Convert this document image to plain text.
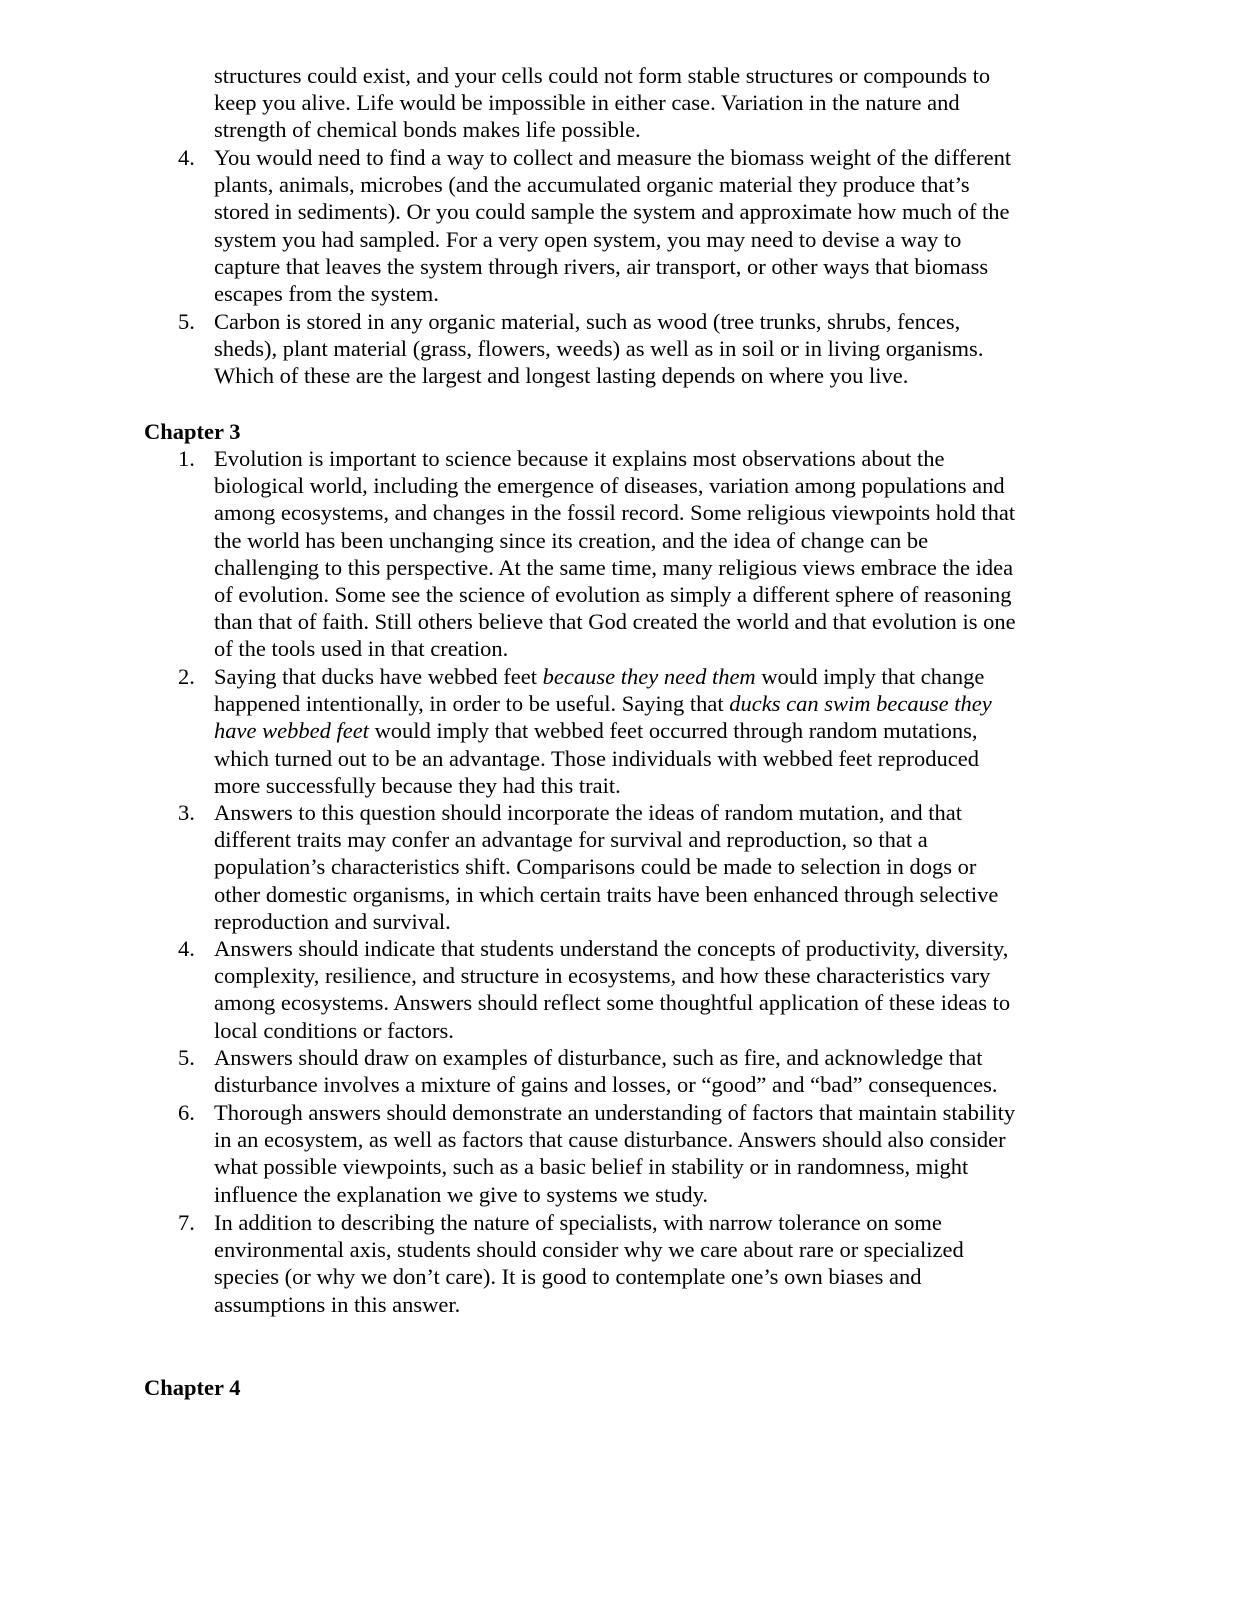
structures could exist, and your cells could not form stable structures or compounds to
keep you alive. Life would be impossible in either case. Variation in the nature and
strength of chemical bonds makes life possible.
4. You would need to find a way to collect and measure the biomass weight of the different
plants, animals, microbes (and the accumulated organic material they produce that’s
stored in sediments). Or you could sample the system and approximate how much of the
system you had sampled. For a very open system, you may need to devise a way to
capture that leaves the system through rivers, air transport, or other ways that biomass
escapes from the system.
5. Carbon is stored in any organic material, such as wood (tree trunks, shrubs, fences,
sheds), plant material (grass, flowers, weeds) as well as in soil or in living organisms.
Which of these are the largest and longest lasting depends on where you live.
Chapter 3
1. Evolution is important to science because it explains most observations about the
biological world, including the emergence of diseases, variation among populations and
among ecosystems, and changes in the fossil record. Some religious viewpoints hold that
the world has been unchanging since its creation, and the idea of change can be
challenging to this perspective. At the same time, many religious views embrace the idea
of evolution. Some see the science of evolution as simply a different sphere of reasoning
than that of faith. Still others believe that God created the world and that evolution is one
of the tools used in that creation.
2. Saying that ducks have webbed feet because they need them would imply that change
happened intentionally, in order to be useful. Saying that ducks can swim because they
have webbed feet would imply that webbed feet occurred through random mutations,
which turned out to be an advantage. Those individuals with webbed feet reproduced
more successfully because they had this trait.
3. Answers to this question should incorporate the ideas of random mutation, and that
different traits may confer an advantage for survival and reproduction, so that a
population’s characteristics shift. Comparisons could be made to selection in dogs or
other domestic organisms, in which certain traits have been enhanced through selective
reproduction and survival.
4. Answers should indicate that students understand the concepts of productivity, diversity,
complexity, resilience, and structure in ecosystems, and how these characteristics vary
among ecosystems. Answers should reflect some thoughtful application of these ideas to
local conditions or factors.
5. Answers should draw on examples of disturbance, such as fire, and acknowledge that
disturbance involves a mixture of gains and losses, or “good” and “bad” consequences.
6. Thorough answers should demonstrate an understanding of factors that maintain stability
in an ecosystem, as well as factors that cause disturbance. Answers should also consider
what possible viewpoints, such as a basic belief in stability or in randomness, might
influence the explanation we give to systems we study.
7. In addition to describing the nature of specialists, with narrow tolerance on some
environmental axis, students should consider why we care about rare or specialized
species (or why we don’t care). It is good to contemplate one’s own biases and
assumptions in this answer.
Chapter 4
